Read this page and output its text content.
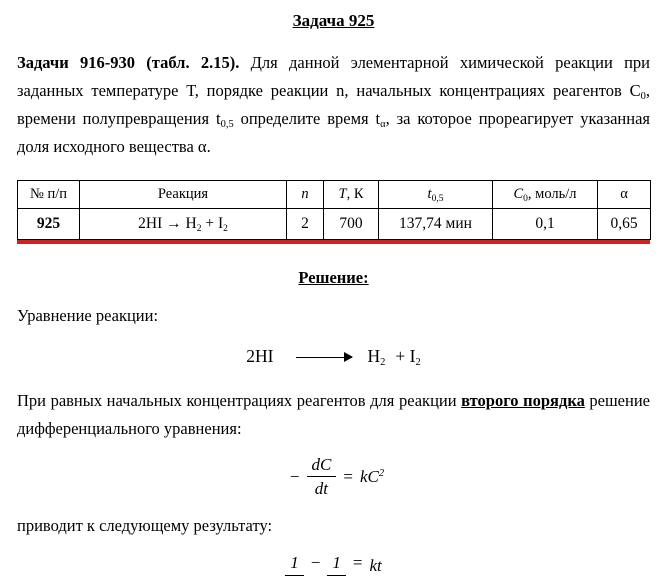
Задача 925
Задачи 916-930 (табл. 2.15). Для данной элементарной химической реакции при заданных температуре Т, порядке реакции n, начальных концентрациях реагентов $С_0$, времени полупревращения $t_{0,5}$ определите время $t_\alpha$, за которое прореагирует указанная доля исходного вещества α.
№ п/п	Реакция	n	T, К	$t_{0,5}$	$C_0$, моль/л	α
925	$2HI \to H_2 + I_2$	2	700	137,74 мин	0,1	0,65
Решение:
Уравнение реакции:
2HI	$H_2 + I_2$
При равных начальных концентрациях реагентов для реакции второго порядка решение дифференциального уравнения:
− $\frac{dC}{dt} = kC^2$
приводит к следующему результату:
1 − 1 = kt
